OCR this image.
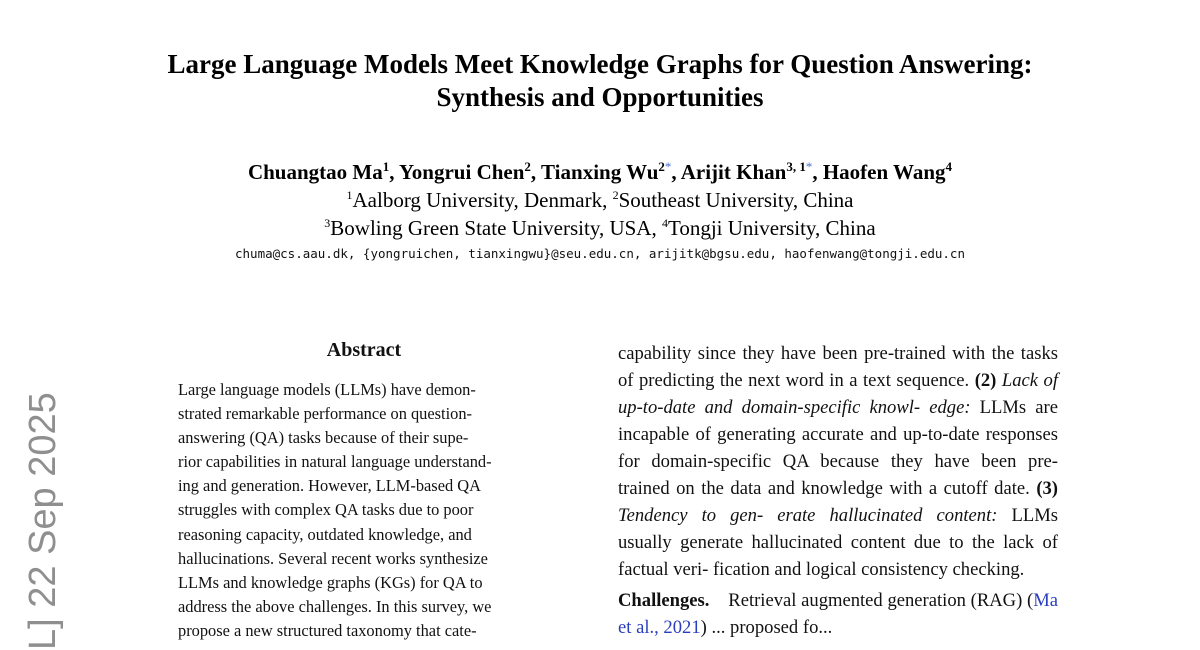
Large Language Models Meet Knowledge Graphs for Question Answering:
Synthesis and Opportunities
Chuangtao Ma$^1$, Yongrui Chen$^2$, Tianxing $Wu^{2*}$, Arijit Khan$^{3, 1*}$, Haofen Wang$^4$
$^1$Aalborg University, Denmark, $^2$Southeast University, China
$^3$Bowling Green State University, USA, $^4$Tongji University, China
chuma@cs.aau.dk, {yongruichen, tianxingwu}@seu.edu.cn, arijitk@bgsu.edu, haofenwang@tongji.edu.cn
L] 22 Sep 2025
Abstract
Large language models (LLMs) have demon-
strated remarkable performance on question-
answering (QA) tasks because of their supe-
rior capabilities in natural language understand-
ing and generation. However, LLM-based QA
struggles with complex QA tasks due to poor
reasoning capacity, outdated knowledge, and
hallucinations. Several recent works synthesize
LLMs and knowledge graphs (KGs) for QA to
address the above challenges. In this survey, we
propose a new structured taxonomy that cate-

capability since they have been pre-trained with the tasks of predicting the next word in a text sequence. (2) Lack of up-to-date and domain-specific knowl- edge: LLMs are incapable of generating accurate and up-to-date responses for domain-specific QA because they have been pre-trained on the data and knowledge with a cutoff date. (3) Tendency to gen- erate hallucinated content: LLMs usually generate hallucinated content due to the lack of factual veri- fication and logical consistency checking.

Challenges. Retrieval augmented generation (RAG) (Ma et al., 2021) ... proposed fo...
